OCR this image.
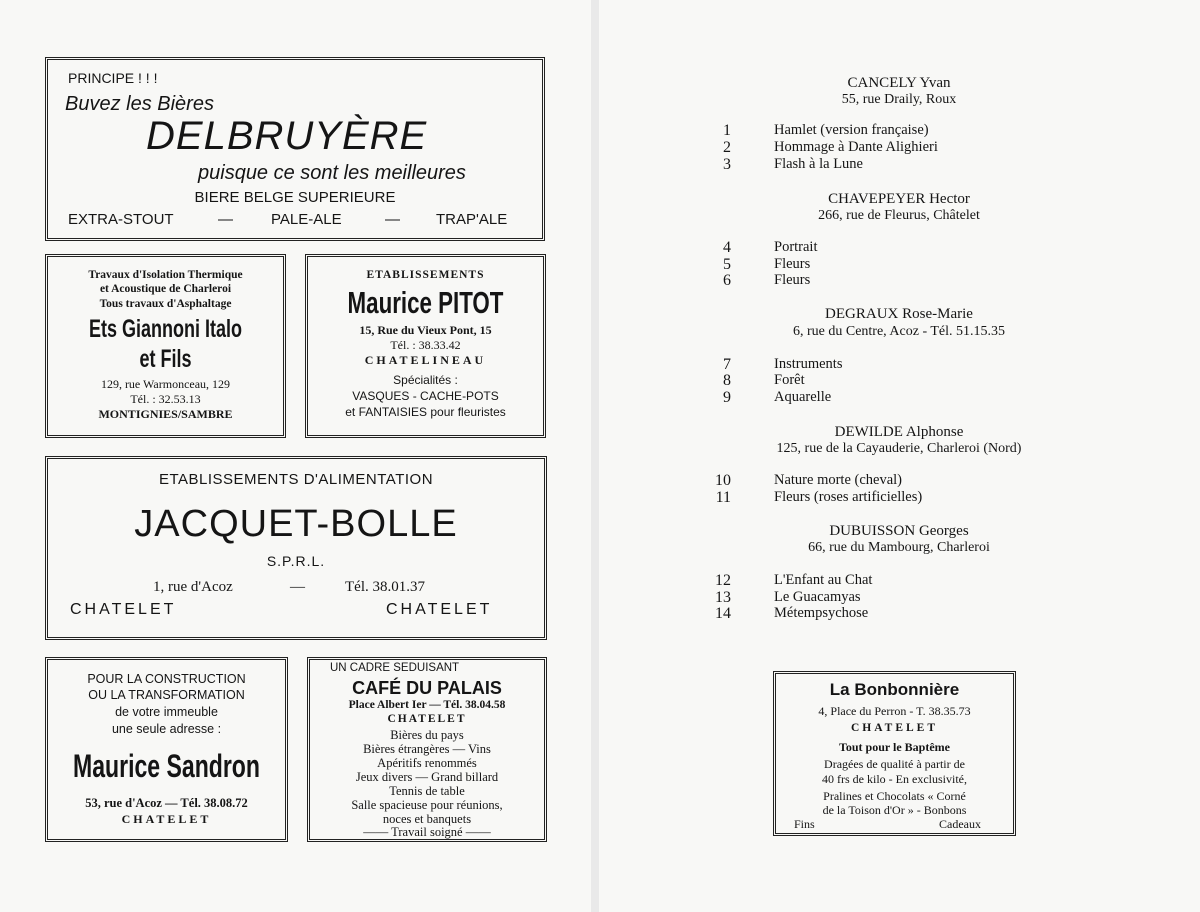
PRINCIPE ! ! !
Buvez les Bières
DELBRUYÈRE
puisque ce sont les meilleures
BIERE BELGE SUPERIEURE
EXTRA-STOUT	—	PALE-ALE	— TRAP'ALE
Travaux d'Isolation Thermique
et Acoustique de Charleroi
Tous travaux d'Asphaltage
Ets Giannoni Italo
et Fils
129, rue Warmonceau, 129
Tél. : 32.53.13
MONTIGNIES/SAMBRE
ETABLISSEMENTS
Maurice PITOT
15, Rue du Vieux Pont, 15
Tél. : 38.33.42
CHATELINEAU
Spécialités :
VASQUES - CACHE-POTS
et FANTAISIES pour fleuristes
ETABLISSEMENTS D'ALIMENTATION
JACQUET-BOLLE
S.P.R.L.
1, rue d'Acoz	—	Tél. 38.01.37
CHATELET	CHATELET
POUR LA CONSTRUCTION
OU LA TRANSFORMATION
de votre immeuble
une seule adresse :
Maurice Sandron
53, rue d'Acoz — Tél. 38.08.72
CHATELET
UN CADRE SEDUISANT
CAFÉ DU PALAIS
Place Albert Ier — Tél. 38.04.58
CHATELET
Bières du pays
Bières étrangères — Vins
Apéritifs renommés
Jeux divers — Grand billard
Tennis de table
Salle spacieuse pour réunions,
noces et banquets
—— Travail soigné ——
CANCELY Yvan
55, rue Draily, Roux
1	Hamlet (version française)
2	Hommage à Dante Alighieri
3	Flash à la Lune
CHAVEPEYER Hector
266, rue de Fleurus, Châtelet
4	Portrait
5	Fleurs
6	Fleurs
DEGRAUX Rose-Marie
6, rue du Centre, Acoz - Tél. 51.15.35
7	Instruments
8	Forêt
9	Aquarelle
DEWILDE Alphonse
125, rue de la Cayauderie, Charleroi (Nord)
10	Nature morte (cheval)
11	Fleurs (roses artificielles)
DUBUISSON Georges
66, rue du Mambourg, Charleroi
12	L'Enfant au Chat
13	Le Guacamyas
14	Métempsychose
La Bonbonnière
4, Place du Perron - T. 38.35.73
CHATELET
Tout pour le Baptême
Dragées de qualité à partir de
40 frs de kilo - En exclusivité,
Pralines et Chocolats « Corné
de la Toison d'Or » - Bonbons
Fins	Cadeaux
